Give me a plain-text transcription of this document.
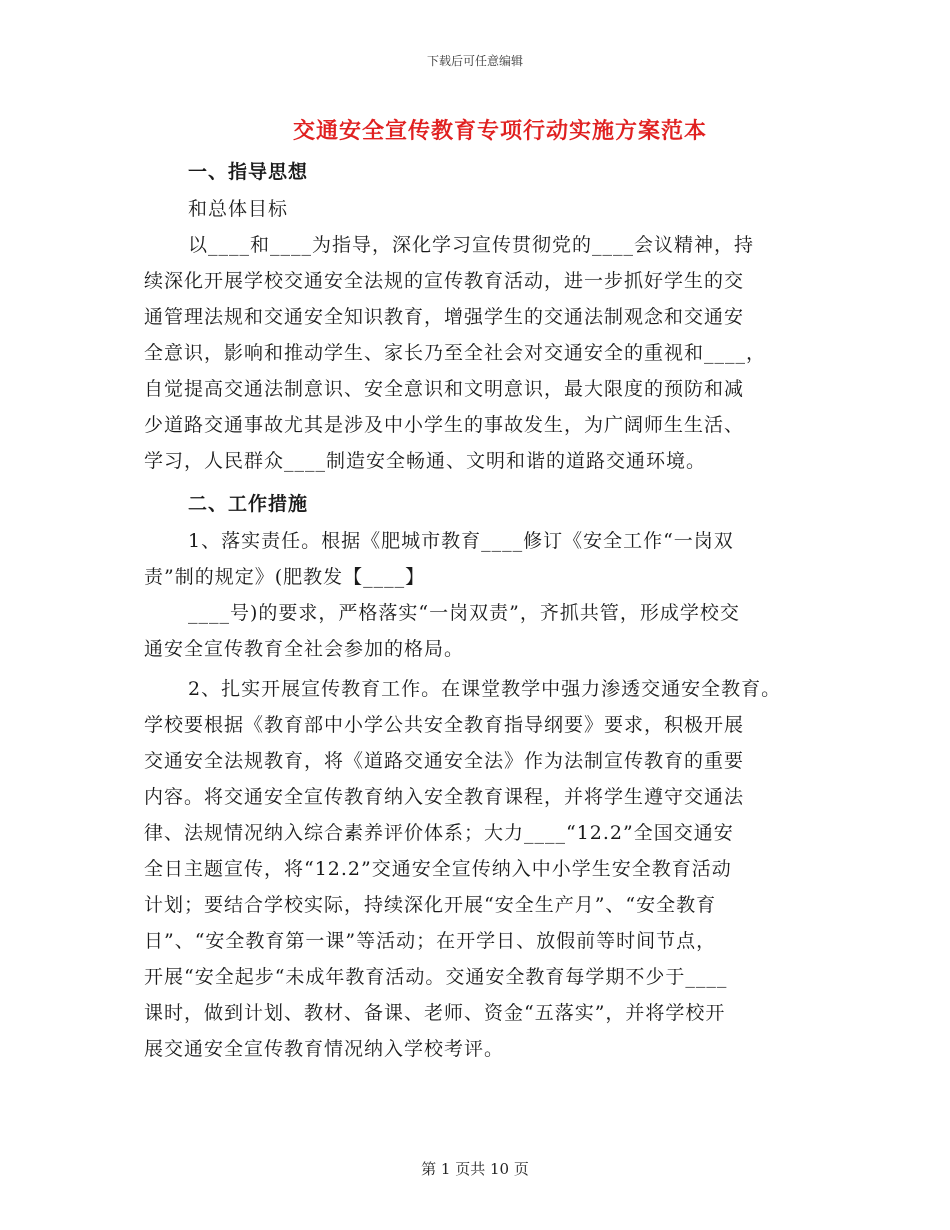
下载后可任意编辑
交通安全宣传教育专项行动实施方案范本
一、指导思想
和总体目标
以____和____为指导，深化学习宣传贯彻党的____会议精神，持
续深化开展学校交通安全法规的宣传教育活动，进一步抓好学生的交
通管理法规和交通安全知识教育，增强学生的交通法制观念和交通安
全意识，影响和推动学生、家长乃至全社会对交通安全的重视和____，
自觉提高交通法制意识、安全意识和文明意识，最大限度的预防和减
少道路交通事故尤其是涉及中小学生的事故发生，为广阔师生生活、
学习，人民群众____制造安全畅通、文明和谐的道路交通环境。
二、工作措施
1、落实责任。根据《肥城市教育____修订《安全工作“一岗双
责”制的规定》(肥教发【____】
____号)的要求，严格落实“一岗双责”，齐抓共管，形成学校交
通安全宣传教育全社会参加的格局。
2、扎实开展宣传教育工作。在课堂教学中强力渗透交通安全教育。
学校要根据《教育部中小学公共安全教育指导纲要》要求，积极开展
交通安全法规教育，将《道路交通安全法》作为法制宣传教育的重要
内容。将交通安全宣传教育纳入安全教育课程，并将学生遵守交通法
律、法规情况纳入综合素养评价体系；大力____“12.2”全国交通安
全日主题宣传，将“12.2”交通安全宣传纳入中小学生安全教育活动
计划；要结合学校实际，持续深化开展“安全生产月”、“安全教育
日”、“安全教育第一课”等活动；在开学日、放假前等时间节点，
开展“安全起步“未成年教育活动。交通安全教育每学期不少于____
课时，做到计划、教材、备课、老师、资金“五落实”，并将学校开
展交通安全宣传教育情况纳入学校考评。
第 1 页共 10 页
